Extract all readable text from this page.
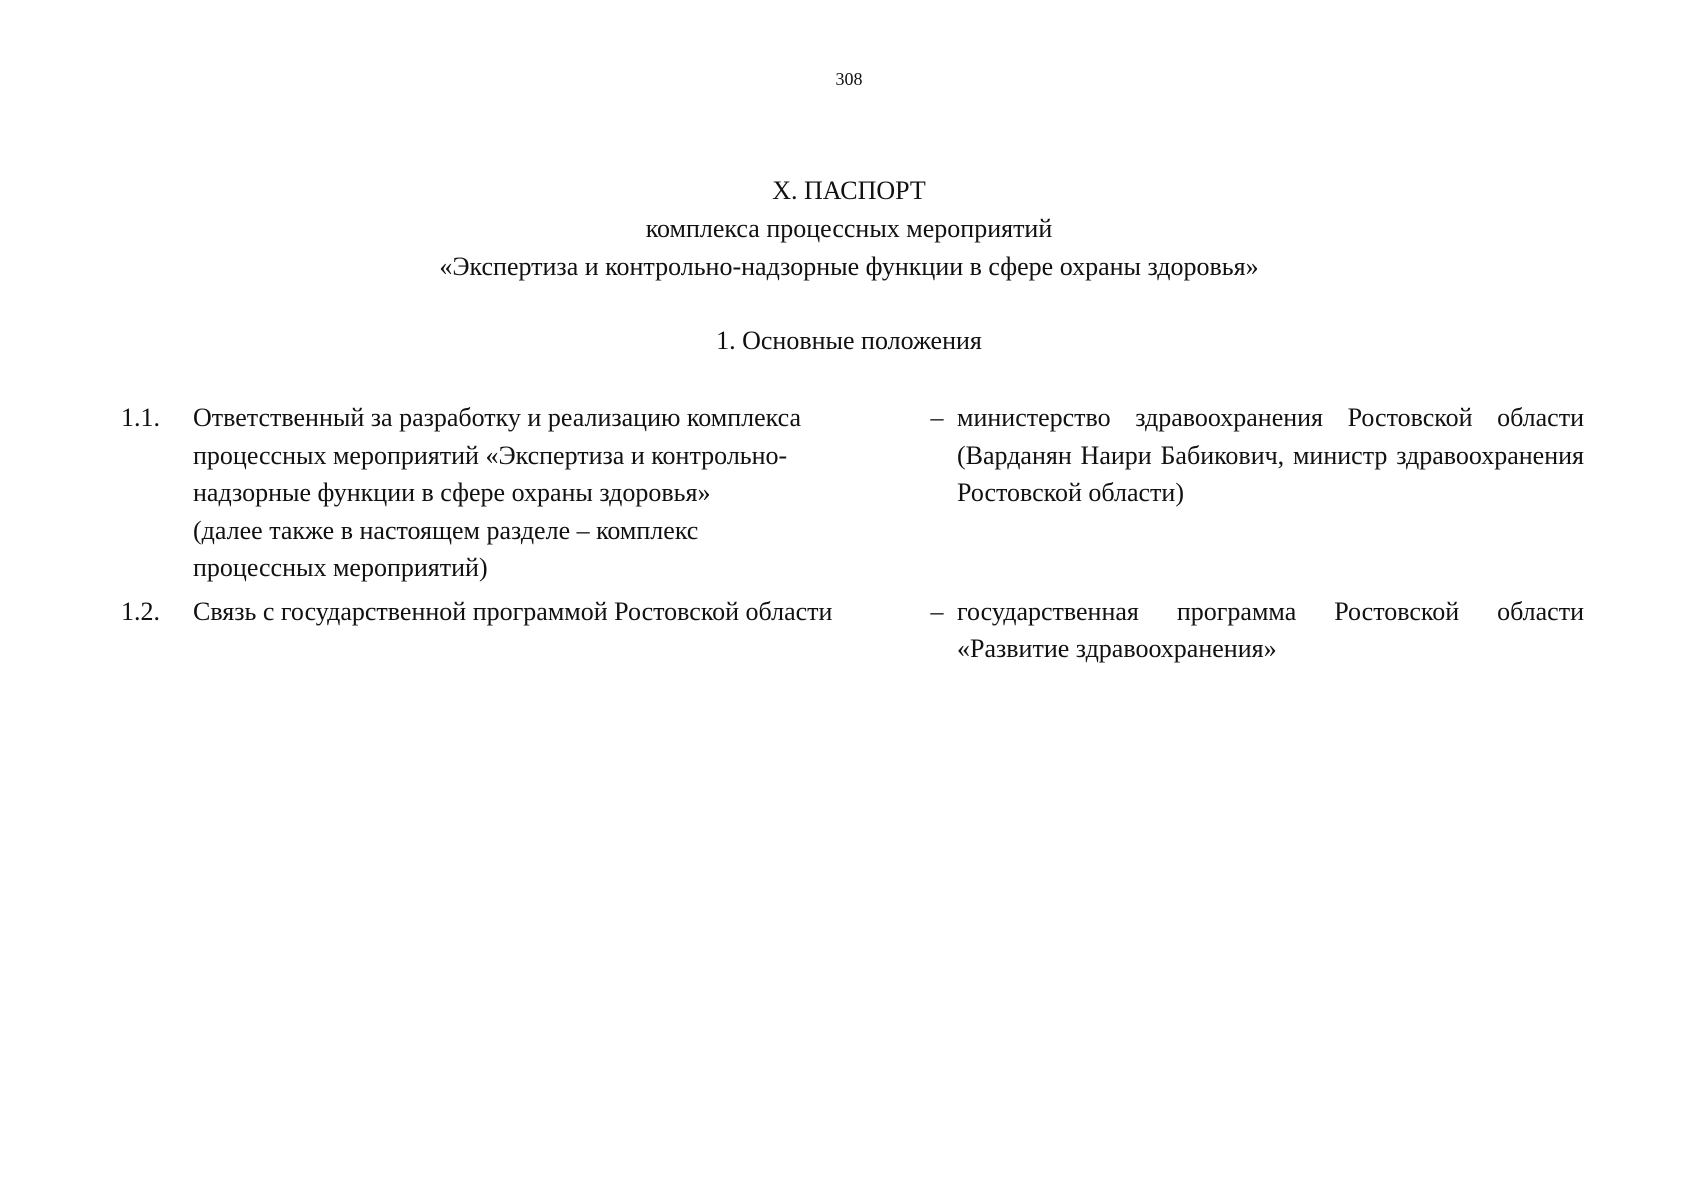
308
X. ПАСПОРТ
комплекса процессных мероприятий
«Экспертиза и контрольно-надзорные функции в сфере охраны здоровья»
1. Основные положения
1.1.	Ответственный за разработку и реализацию комплекса
процессных мероприятий «Экспертиза и контрольно-
надзорные функции в сфере охраны здоровья»
(далее также в настоящем разделе – комплекс
процессных мероприятий)	–	министерство здравоохранения Ростовской области (Варданян Наири Бабикович, министр здравоохранения Ростовской области)
1.2.	Связь с государственной программой Ростовской области	–	государственная программа Ростовской области «Развитие здравоохранения»
